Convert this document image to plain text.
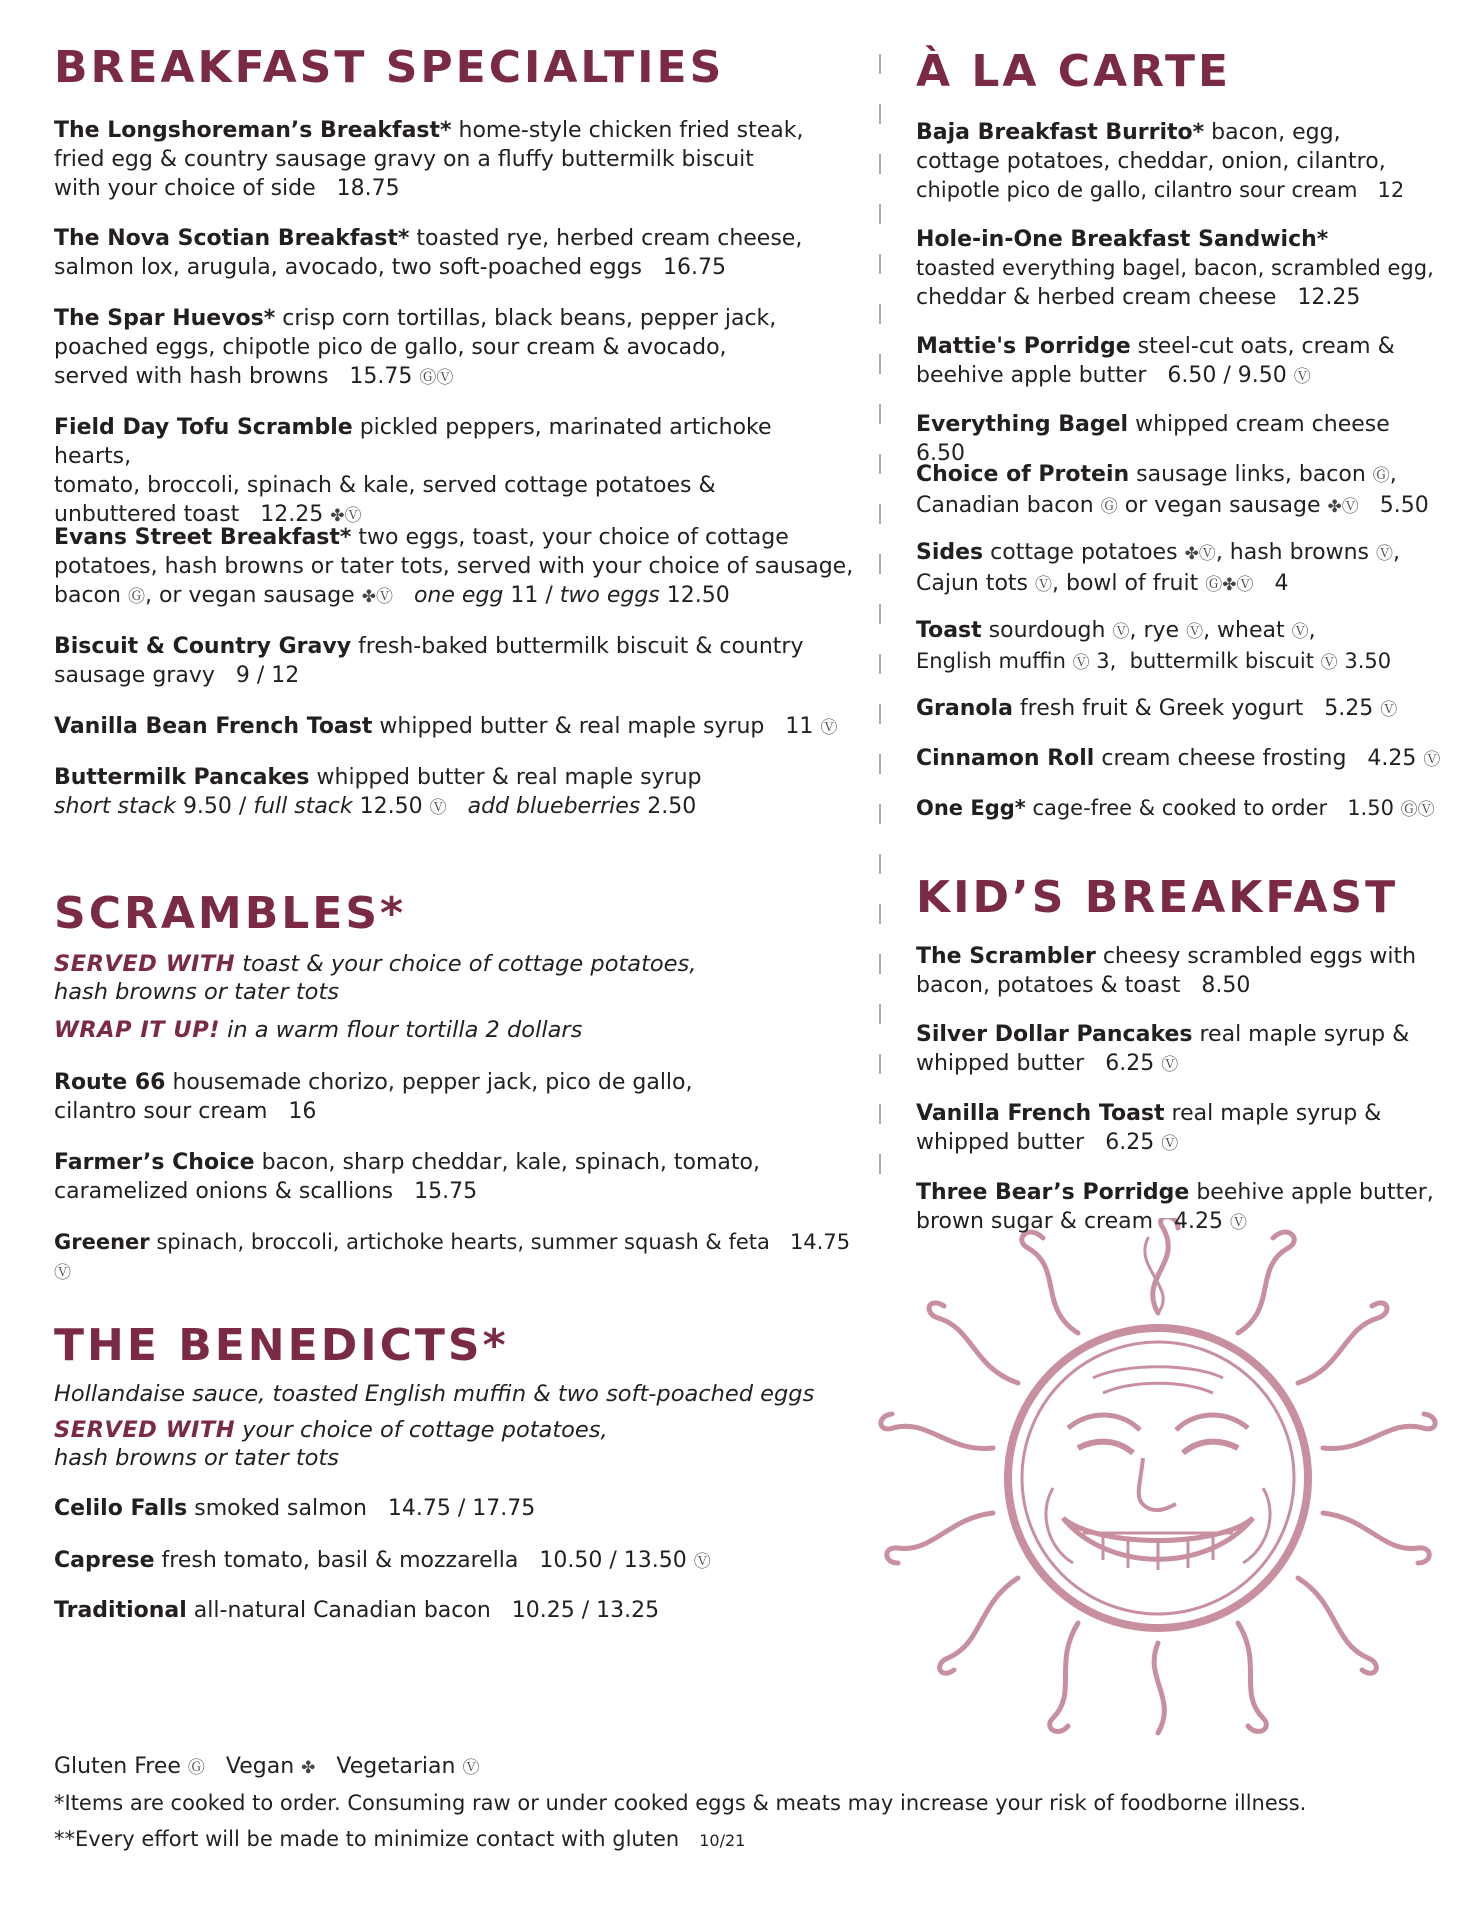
BREAKFAST SPECIALTIES
The Longshoreman’s Breakfast* home-style chicken fried steak,
fried egg & country sausage gravy on a fluffy buttermilk biscuit
with your choice of side 18.75
The Nova Scotian Breakfast* toasted rye, herbed cream cheese,
salmon lox, arugula, avocado, two soft-poached eggs 16.75
The Spar Huevos* crisp corn tortillas, black beans, pepper jack,
poached eggs, chipotle pico de gallo, sour cream & avocado,
served with hash browns 15.75 ⒼⓋ
Field Day Tofu Scramble pickled peppers, marinated artichoke hearts,
tomato, broccoli, spinach & kale, served cottage potatoes &
unbuttered toast 12.25 ✤Ⓥ
Evans Street Breakfast* two eggs, toast, your choice of cottage
potatoes, hash browns or tater tots, served with your choice of sausage,
bacon Ⓖ, or vegan sausage ✤Ⓥ one egg 11 / two eggs 12.50
Biscuit & Country Gravy fresh-baked buttermilk biscuit & country
sausage gravy 9 / 12
Vanilla Bean French Toast whipped butter & real maple syrup 11 Ⓥ
Buttermilk Pancakes whipped butter & real maple syrup
short stack 9.50 / full stack 12.50 Ⓥ add blueberries 2.50
SCRAMBLES*
SERVED WITH toast & your choice of cottage potatoes,
hash browns or tater tots
WRAP IT UP! in a warm flour tortilla 2 dollars
Route 66 housemade chorizo, pepper jack, pico de gallo,
cilantro sour cream 16
Farmer’s Choice bacon, sharp cheddar, kale, spinach, tomato,
caramelized onions & scallions 15.75
Greener spinach, broccoli, artichoke hearts, summer squash & feta 14.75 Ⓥ
THE BENEDICTS*
Hollandaise sauce, toasted English muffin & two soft-poached eggs
SERVED WITH your choice of cottage potatoes,
hash browns or tater tots
Celilo Falls smoked salmon 14.75 / 17.75
Caprese fresh tomato, basil & mozzarella 10.50 / 13.50 Ⓥ
Traditional all-natural Canadian bacon 10.25 / 13.25
À LA CARTE
Baja Breakfast Burrito* bacon, egg,
cottage potatoes, cheddar, onion, cilantro,
chipotle pico de gallo, cilantro sour cream 12
Hole-in-One Breakfast Sandwich*
toasted everything bagel, bacon, scrambled egg,
cheddar & herbed cream cheese 12.25
Mattie's Porridge steel-cut oats, cream &
beehive apple butter 6.50 / 9.50 Ⓥ
Everything Bagel whipped cream cheese   6.50
Choice of Protein sausage links, bacon Ⓖ,
Canadian bacon Ⓖ or vegan sausage ✤Ⓥ 5.50
Sides cottage potatoes ✤Ⓥ, hash browns Ⓥ,
Cajun tots Ⓥ, bowl of fruit Ⓖ✤Ⓥ 4
Toast sourdough Ⓥ, rye Ⓥ, wheat Ⓥ,
English muffin Ⓥ 3, buttermilk biscuit Ⓥ 3.50
Granola fresh fruit & Greek yogurt 5.25 Ⓥ
Cinnamon Roll cream cheese frosting 4.25 Ⓥ
One Egg* cage-free & cooked to order 1.50 ⒼⓋ
KID’S BREAKFAST
The Scrambler cheesy scrambled eggs with
bacon, potatoes & toast 8.50
Silver Dollar Pancakes real maple syrup &
whipped butter 6.25 Ⓥ
Vanilla French Toast real maple syrup &
whipped butter 6.25 Ⓥ
Three Bear’s Porridge beehive apple butter,
brown sugar & cream 4.25 Ⓥ
Gluten Free Ⓖ Vegan ✤ Vegetarian Ⓥ
*Items are cooked to order. Consuming raw or under cooked eggs & meats may increase your risk of foodborne illness.
**Every effort will be made to minimize contact with gluten 10/21
